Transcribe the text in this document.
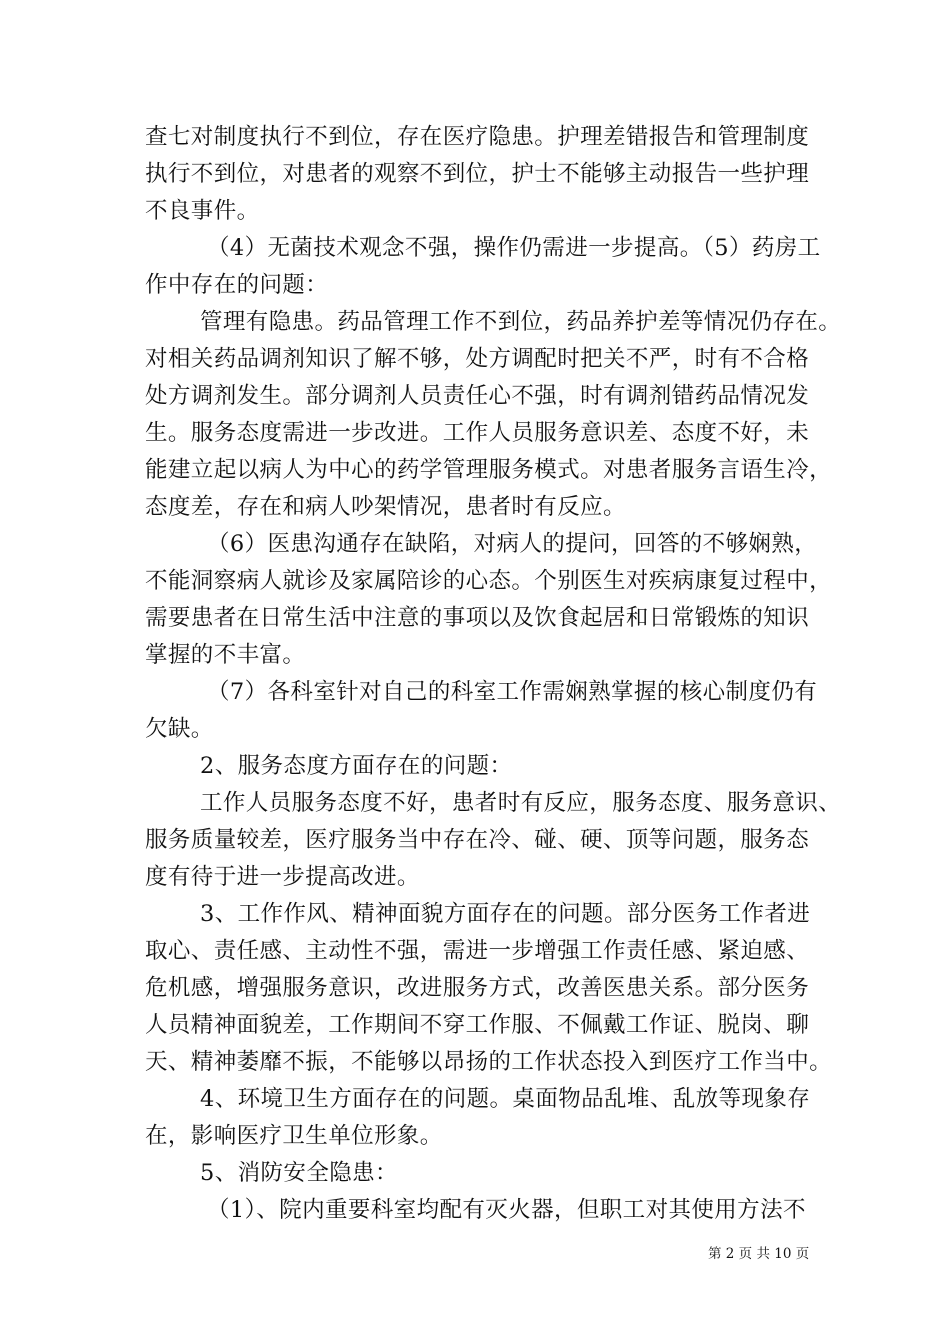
查七对制度执行不到位，存在医疗隐患。护理差错报告和管理制度
执行不到位，对患者的观察不到位，护士不能够主动报告一些护理
不良事件。
（4）无菌技术观念不强，操作仍需进一步提高。（5）药房工
作中存在的问题：
管理有隐患。药品管理工作不到位，药品养护差等情况仍存在。
对相关药品调剂知识了解不够，处方调配时把关不严，时有不合格
处方调剂发生。部分调剂人员责任心不强，时有调剂错药品情况发
生。服务态度需进一步改进。工作人员服务意识差、态度不好，未
能建立起以病人为中心的药学管理服务模式。对患者服务言语生冷，
态度差，存在和病人吵架情况，患者时有反应。
（6）医患沟通存在缺陷，对病人的提问，回答的不够娴熟，
不能洞察病人就诊及家属陪诊的心态。个别医生对疾病康复过程中，
需要患者在日常生活中注意的事项以及饮食起居和日常锻炼的知识
掌握的不丰富。
（7）各科室针对自己的科室工作需娴熟掌握的核心制度仍有
欠缺。
2、服务态度方面存在的问题：
工作人员服务态度不好，患者时有反应，服务态度、服务意识、
服务质量较差，医疗服务当中存在冷、碰、硬、顶等问题，服务态
度有待于进一步提高改进。
3、工作作风、精神面貌方面存在的问题。部分医务工作者进
取心、责任感、主动性不强，需进一步增强工作责任感、紧迫感、
危机感，增强服务意识，改进服务方式，改善医患关系。部分医务
人员精神面貌差，工作期间不穿工作服、不佩戴工作证、脱岗、聊
天、精神萎靡不振，不能够以昂扬的工作状态投入到医疗工作当中。
4、环境卫生方面存在的问题。桌面物品乱堆、乱放等现象存
在，影响医疗卫生单位形象。
5、消防安全隐患：
（1）、院内重要科室均配有灭火器，但职工对其使用方法不
第 2 页 共 10 页
